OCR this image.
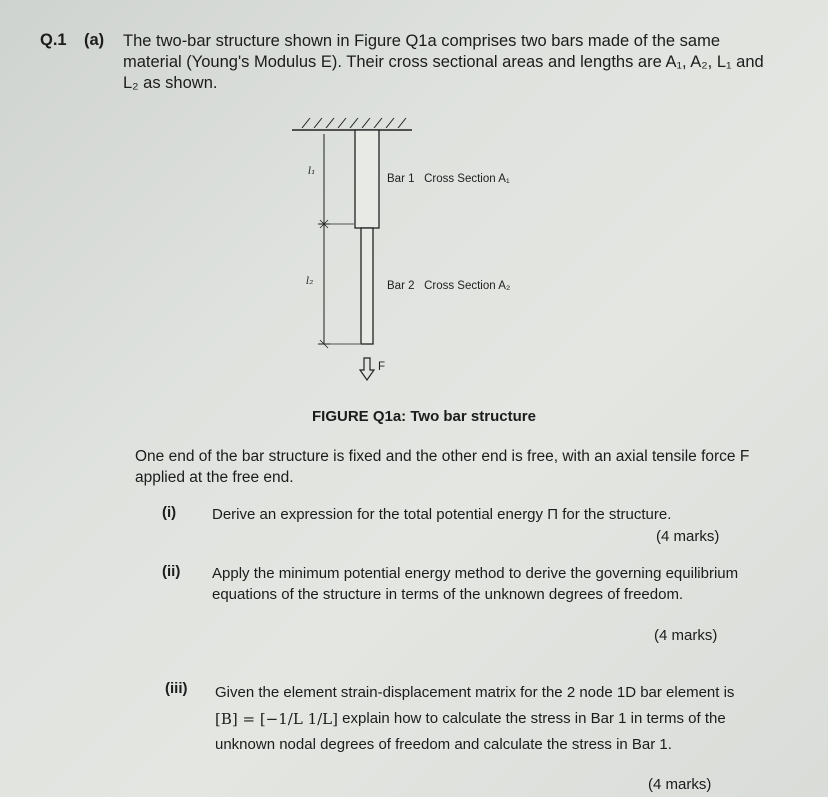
Q.1 (a) The two-bar structure shown in Figure Q1a comprises two bars made of the same material (Young's Modulus E). Their cross sectional areas and lengths are A₁, A₂, L₁ and L₂ as shown.
l₁
l₂
Bar 1   Cross Section A₁
Bar 2   Cross Section A₂
F
FIGURE Q1a: Two bar structure
One end of the bar structure is fixed and the other end is free, with an axial tensile force F applied at the free end.
(i) Derive an expression for the total potential energy Π for the structure.
(4 marks)
(ii) Apply the minimum potential energy method to derive the governing equilibrium equations of the structure in terms of the unknown degrees of freedom.
(4 marks)
(iii) Given the element strain-displacement matrix for the 2 node 1D bar element is [B] = [−1/L 1/L] explain how to calculate the stress in Bar 1 in terms of the unknown nodal degrees of freedom and calculate the stress in Bar 1.
(4 marks)
